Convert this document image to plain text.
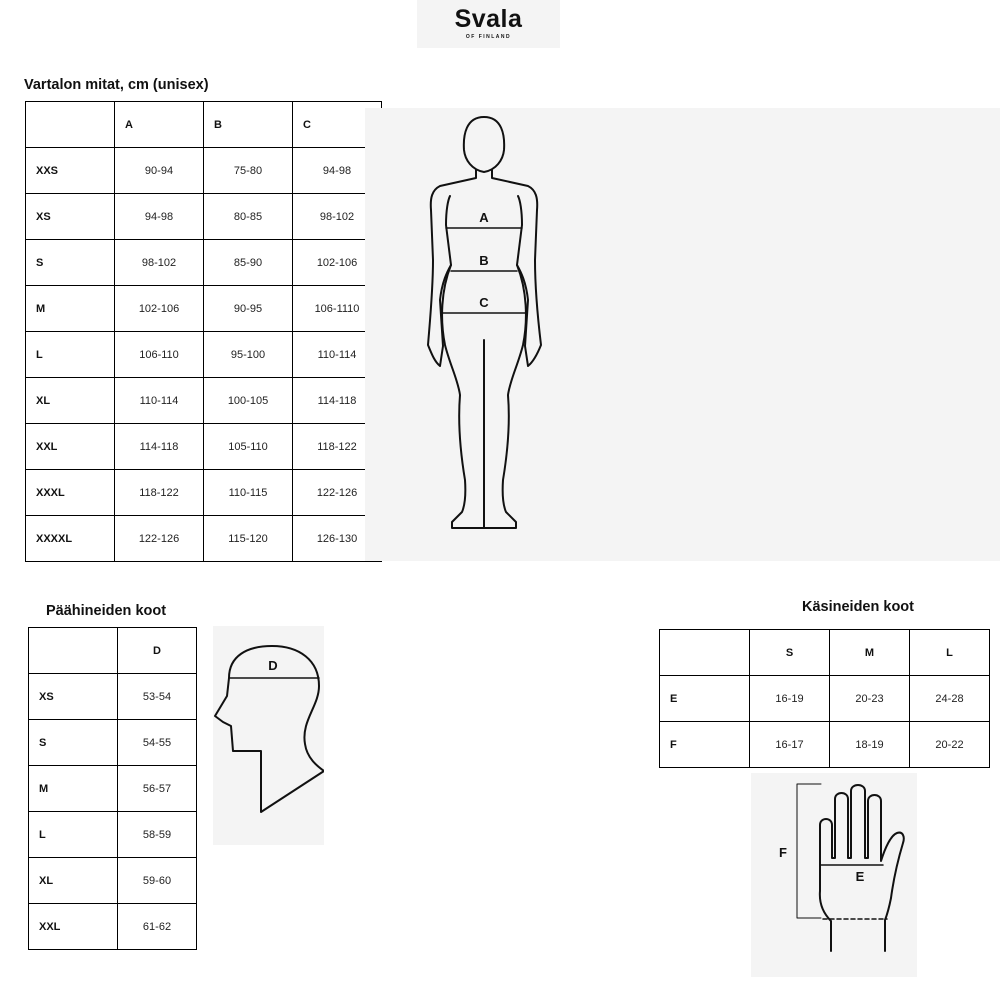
Svala
OF FINLAND
Vartalon mitat, cm (unisex)
	A	B	C
XXS	90-94	75-80	94-98
XS	94-98	80-85	98-102
S	98-102	85-90	102-106
M	102-106	90-95	106-1110
L	106-110	95-100	110-114
XL	110-114	100-105	114-118
XXL	114-118	105-110	118-122
XXXL	118-122	110-115	122-126
XXXXL	122-126	115-120	126-130
A
B
C
Päähineiden koot
	D
XS	53-54
S	54-55
M	56-57
L	58-59
XL	59-60
XXL	61-62
D
Käsineiden koot
	S	M	L
E	16-19	20-23	24-28
F	16-17	18-19	20-22
F
E
